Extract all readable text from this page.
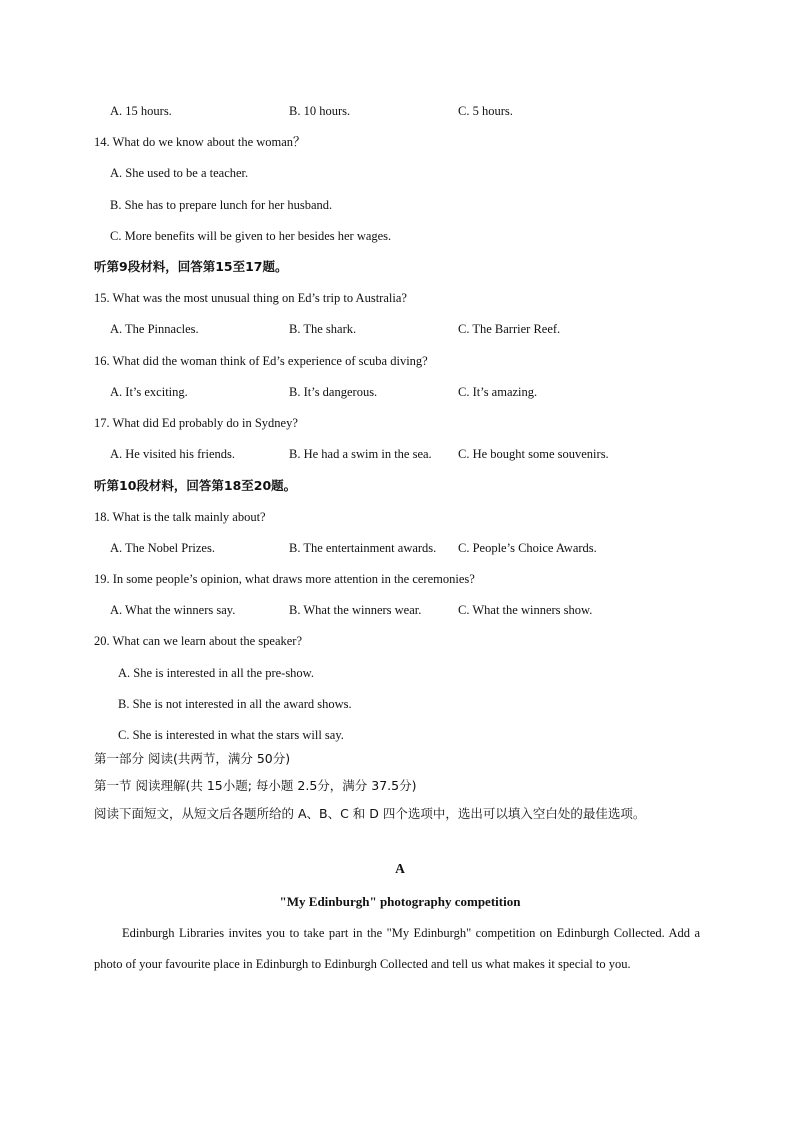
A. 15 hours.	B. 10 hours.	C. 5 hours.
14. What do we know about the woman？
A. She used to be a teacher.
B. She has to prepare lunch for her husband.
C. More benefits will be given to her besides her wages.
听第9段材料，回答第15至17题。
15. What was the most unusual thing on Ed’s trip to Australia?
A. The Pinnacles.	B. The shark.	C. The Barrier Reef.
16. What did the woman think of Ed’s experience of scuba diving?
A. It’s exciting.	B. It’s dangerous.	C. It’s amazing.
17. What did Ed probably do in Sydney?
A. He visited his friends.	B. He had a swim in the sea. C. He bought some souvenirs.
听第10段材料，回答第18至20题。
18. What is the talk mainly about?
A. The Nobel Prizes.	B. The entertainment awards. C. People’s Choice Awards.
19. In some people’s opinion, what draws more attention in the ceremonies?
A. What the winners say.	B. What the winners wear.	C. What the winners show.
20. What can we learn about the speaker?
A. She is interested in all the pre-show.
B. She is not interested in all the award shows.
C. She is interested in what the stars will say.
第一部分 阅读(共两节，满分 50分)
第一节 阅读理解(共 15小题; 每小题 2.5分，满分 37.5分)
阅读下面短文，从短文后各题所给的 A、B、C 和 D 四个选项中，选出可以填入空白处的最佳选项。
A
"My Edinburgh" photography competition
Edinburgh Libraries invites you to take part in the "My Edinburgh" competition on Edinburgh Collected. Add a photo of your favourite place in Edinburgh to Edinburgh Collected and tell us what makes it special to you.
